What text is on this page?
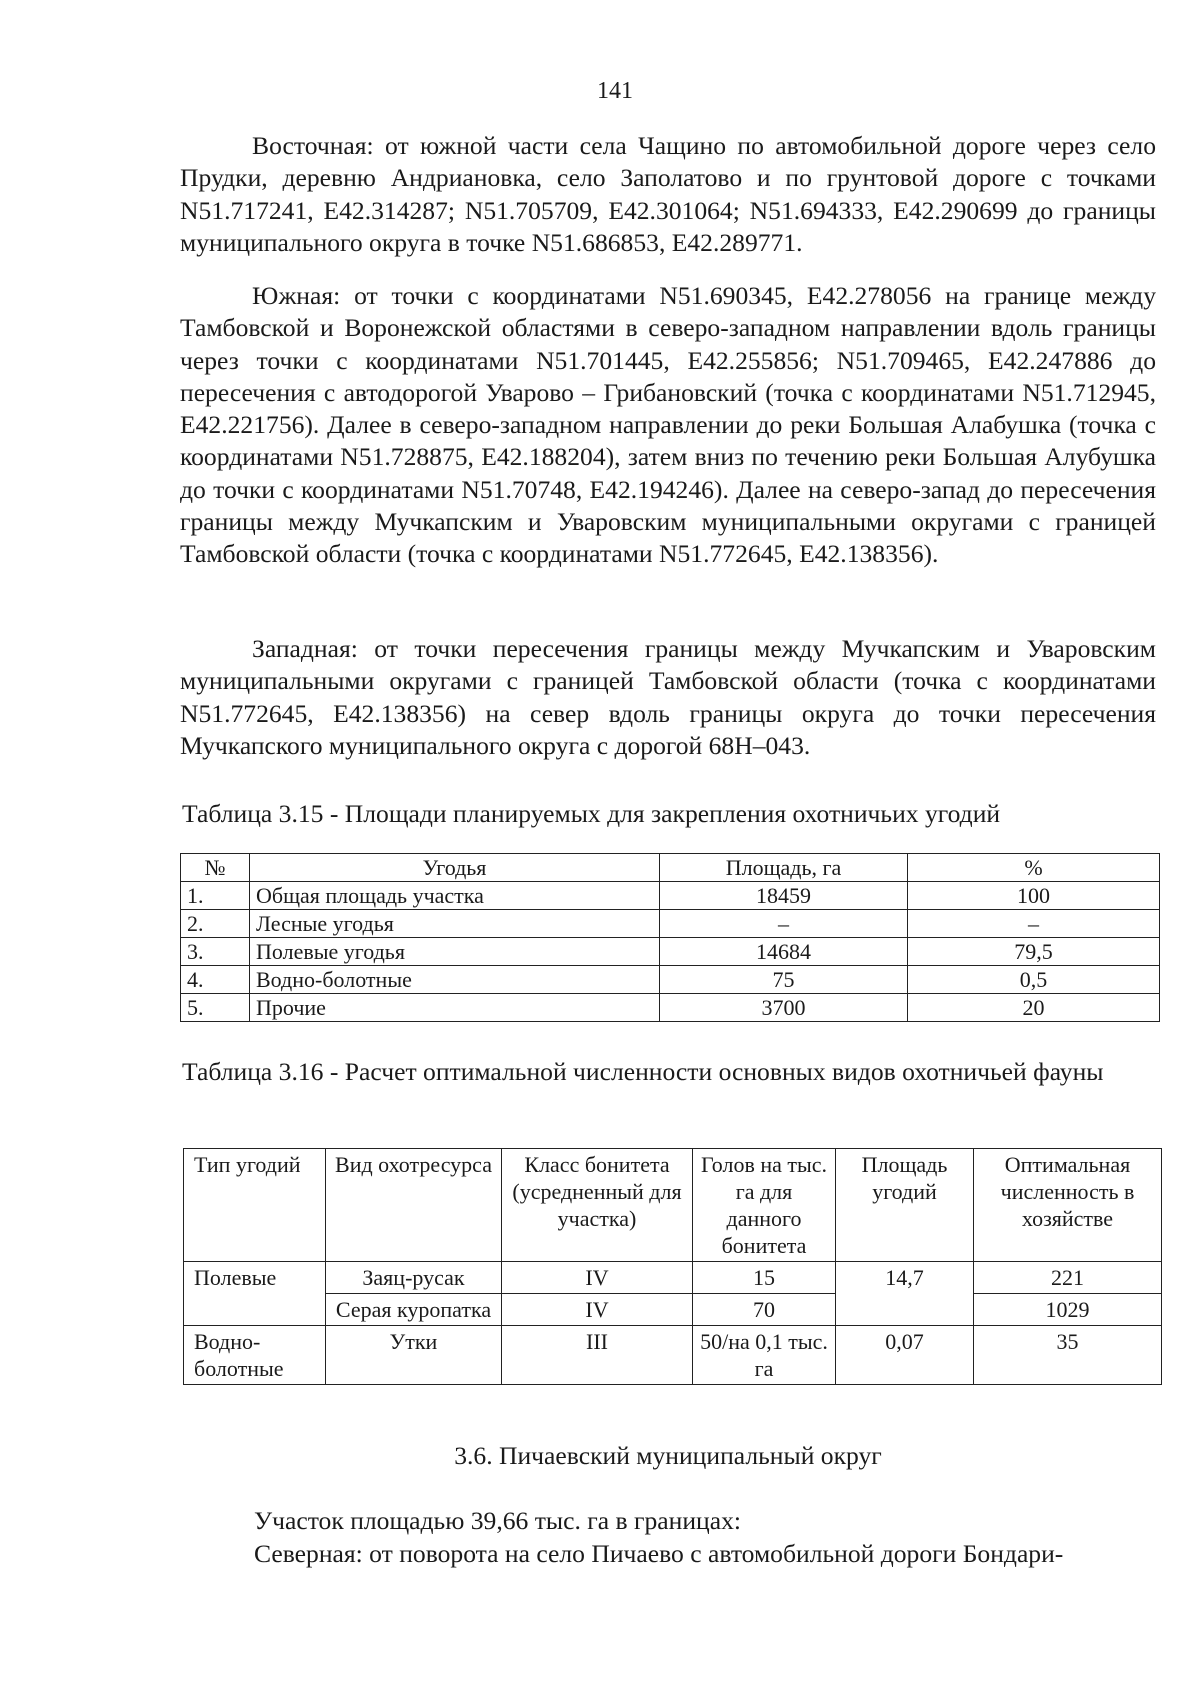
141

Восточная: от южной части села Чащино по автомобильной дороге через село Прудки, деревню Андриановка, село Заполатово и по грунтовой дороге с точками N51.717241, E42.314287; N51.705709, E42.301064; N51.694333, E42.290699 до границы муниципального округа в точке N51.686853, E42.289771.

Южная: от точки с координатами N51.690345, E42.278056 на границе между Тамбовской и Воронежской областями в северо-западном направлении вдоль границы через точки с координатами N51.701445, E42.255856; N51.709465, E42.247886 до пересечения с автодорогой Уварово – Грибановский (точка с координатами N51.712945, E42.221756). Далее в северо-западном направлении до реки Большая Алабушка (точка с координатами N51.728875, E42.188204), затем вниз по течению реки Большая Алубушка до точки с координатами N51.70748, E42.194246). Далее на северо-запад до пересечения границы между Мучкапским и Уваровским муниципальными округами с границей Тамбовской области (точка с координатами N51.772645, E42.138356).

Западная: от точки пересечения границы между Мучкапским и Уваровским муниципальными округами с границей Тамбовской области (точка с координатами N51.772645, E42.138356) на север вдоль границы округа до точки пересечения Мучкапского муниципального округа с дорогой 68Н–043.

Таблица 3.15 - Площади планируемых для закрепления охотничьих угодий

№	Угодья	Площадь, га	%
1.	Общая площадь участка	18459	100
2.	Лесные угодья	–	–
3.	Полевые угодья	14684	79,5
4.	Водно-болотные	75	0,5
5.	Прочие	3700	20

Таблица 3.16 - Расчет оптимальной численности основных видов охотничьей фауны

Тип угодий	Вид охотресурса	Класс бонитета (усредненный для участка)	Голов на тыс. га для данного бонитета	Площадь угодий	Оптимальная численность в хозяйстве
Полевые	Заяц-русак	IV	15	14,7	221
	Серая куропатка	IV	70		1029
Водно-болотные	Утки	III	50/на 0,1 тыс. га	0,07	35
3.6. Пичаевский муниципальный округ

Участок площадью 39,66 тыс. га в границах:

Северная: от поворота на село Пичаево с автомобильной дороги Бондари-
